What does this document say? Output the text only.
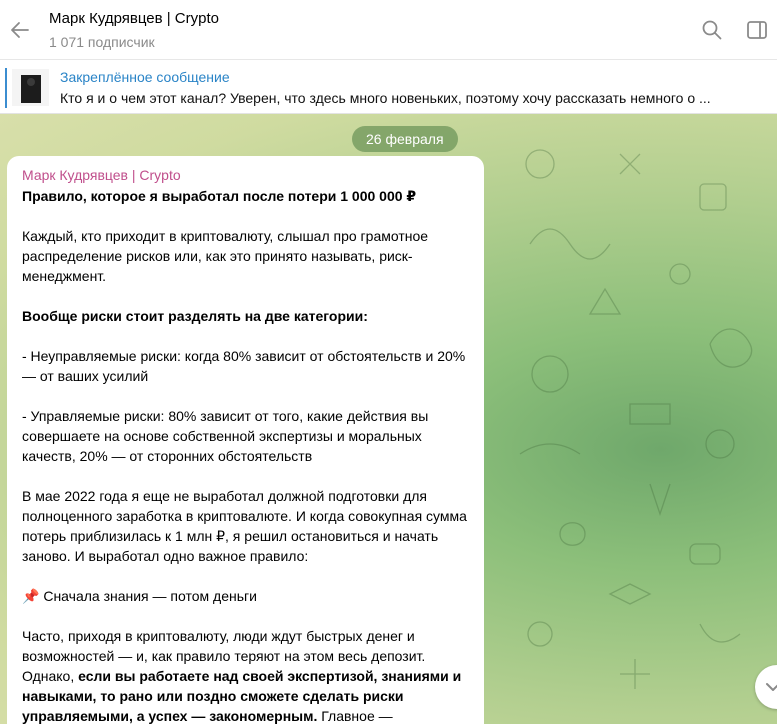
Марк Кудрявцев | Crypto
1 071 подписчик
Закреплённое сообщение
Кто я и о чем этот канал? Уверен, что здесь много новеньких, поэтому хочу рассказать немного о ...
26 февраля
Марк Кудрявцев | Crypto

Правило, которое я выработал после потери 1 000 000 ₽

Каждый, кто приходит в криптовалюту, слышал про грамотное распределение рисков или, как это принято называть, риск-менеджмент.

Вообще риски стоит разделять на две категории:

- Неуправляемые риски: когда 80% зависит от обстоятельств и 20% — от ваших усилий

- Управляемые риски: 80% зависит от того, какие действия вы совершаете на основе собственной экспертизы и моральных качеств, 20% — от сторонних обстоятельств

В мае 2022 года я еще не выработал должной подготовки для полноценного заработка в криптовалюте. И когда совокупная сумма потерь приблизилась к 1 млн ₽, я решил остановиться и начать заново. И выработал одно важное правило:

📌 Сначала знания — потом деньги

Часто, приходя в криптовалюту, люди ждут быстрых денег и возможностей — и, как правило теряют на этом весь депозит. Однако, если вы работаете над своей экспертизой, знаниями и навыками, то рано или поздно сможете сделать риски управляемыми, а успех — закономерным. Главное —
